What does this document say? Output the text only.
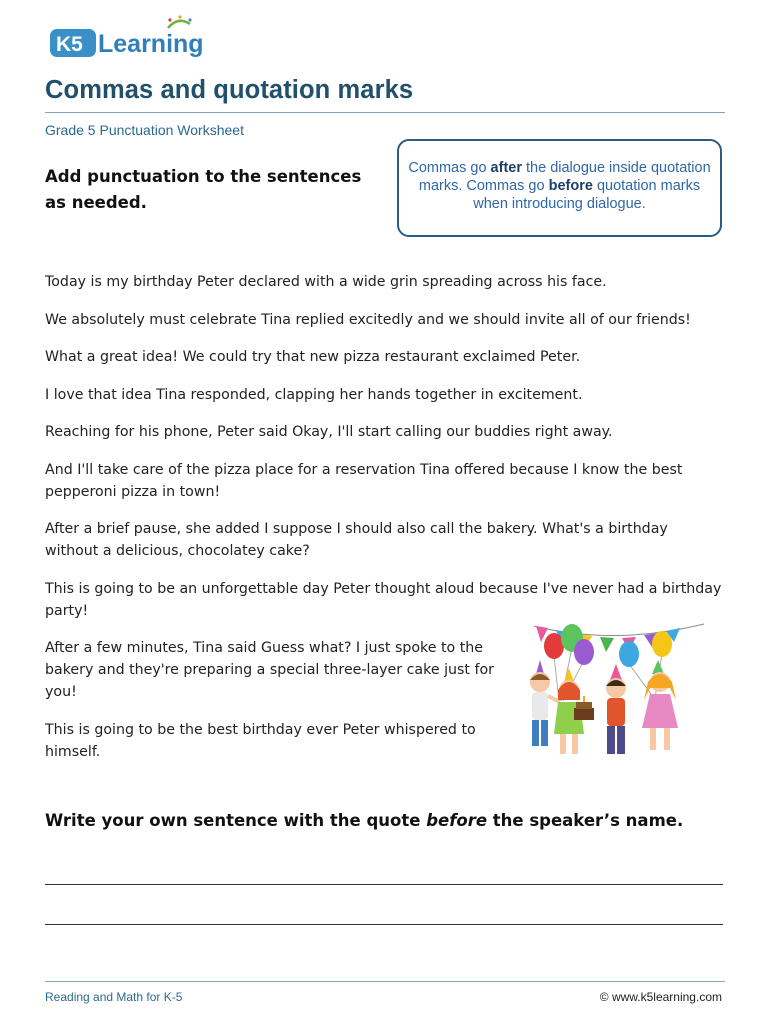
K5 Learning
Commas and quotation marks
Grade 5 Punctuation Worksheet
Add punctuation to the sentences as needed.
Commas go after the dialogue inside quotation marks. Commas go before quotation marks when introducing dialogue.

Today is my birthday Peter declared with a wide grin spreading across his face.

We absolutely must celebrate Tina replied excitedly and we should invite all of our friends!

What a great idea! We could try that new pizza restaurant exclaimed Peter.

I love that idea Tina responded, clapping her hands together in excitement.

Reaching for his phone, Peter said Okay, I'll start calling our buddies right away.

And I'll take care of the pizza place for a reservation Tina offered because I know the best pepperoni pizza in town!

After a brief pause, she added I suppose I should also call the bakery. What's a birthday without a delicious, chocolatey cake?

This is going to be an unforgettable day Peter thought aloud because I've never had a birthday party!

After a few minutes, Tina said Guess what? I just spoke to the bakery and they're preparing a special three-layer cake just for you!

This is going to be the best birthday ever Peter whispered to himself.

Write your own sentence with the quote before the speaker’s name.
Reading and Math for K-5	© www.k5learning.com
